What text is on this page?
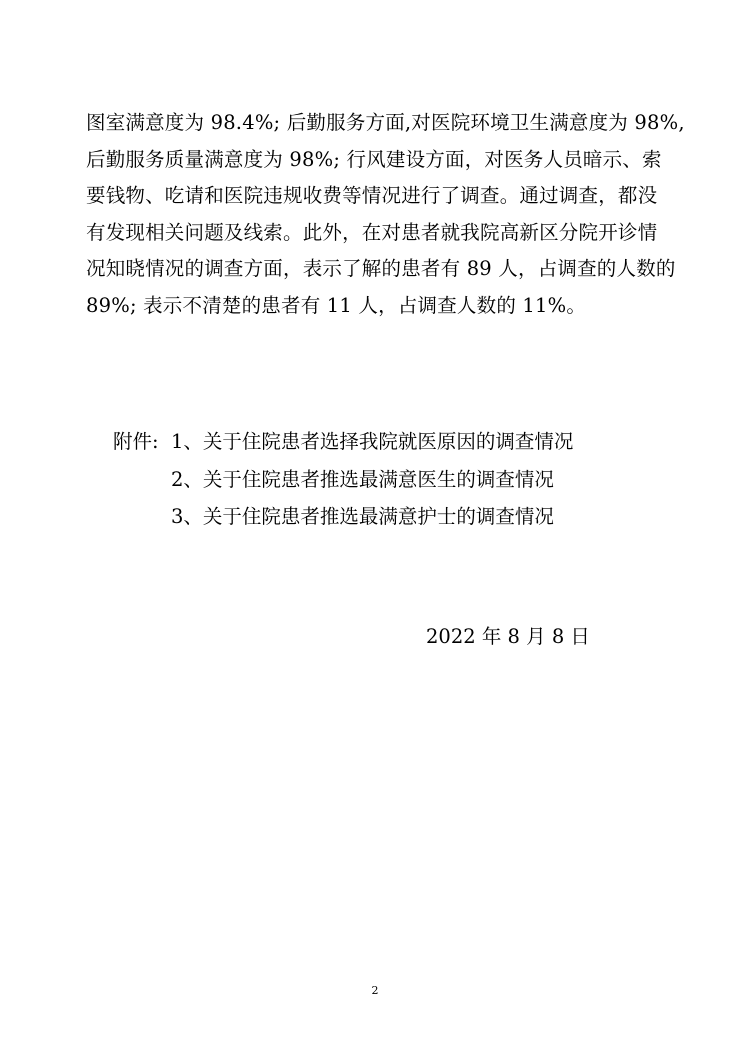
图室满意度为 98.4%; 后勤服务方面,对医院环境卫生满意度为 98%,
后勤服务质量满意度为 98%; 行风建设方面，对医务人员暗示、索
要钱物、吃请和医院违规收费等情况进行了调查。通过调查，都没
有发现相关问题及线索。此外，在对患者就我院高新区分院开诊情
况知晓情况的调查方面，表示了解的患者有 89 人，占调查的人数的
89%; 表示不清楚的患者有 11 人，占调查人数的 11%。
附件: 1、关于住院患者选择我院就医原因的调查情况
2、关于住院患者推选最满意医生的调查情况
3、关于住院患者推选最满意护士的调查情况
2022 年 8 月 8 日
2
